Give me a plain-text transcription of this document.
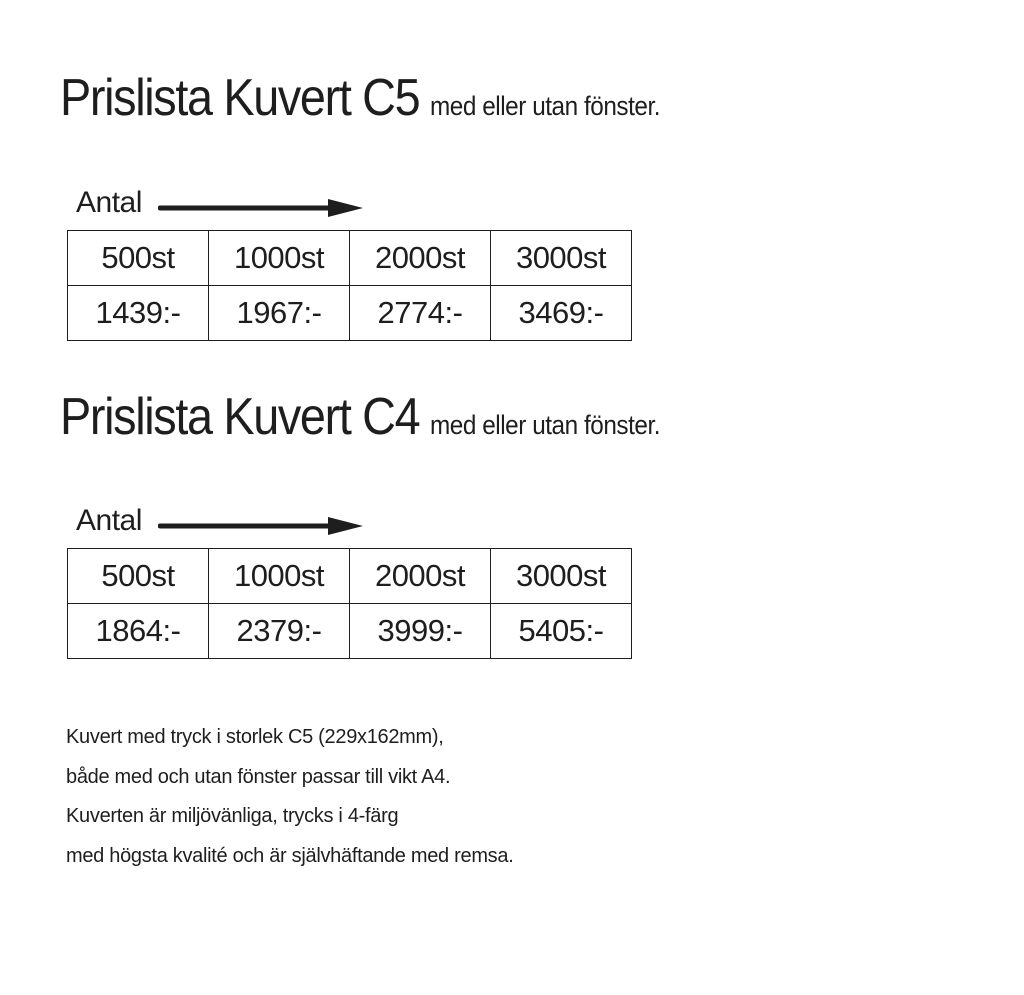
Prislista Kuvert C5 med eller utan fönster.
Antal
500st	1000st	2000st	3000st
1439:-	1967:-	2774:-	3469:-
Prislista Kuvert C4 med eller utan fönster.
Antal
500st	1000st	2000st	3000st
1864:-	2379:-	3999:-	5405:-
Kuvert med tryck i storlek C5 (229x162mm),
både med och utan fönster passar till vikt A4.
Kuverten är miljövänliga, trycks i 4-färg
med högsta kvalité och är självhäftande med remsa.
